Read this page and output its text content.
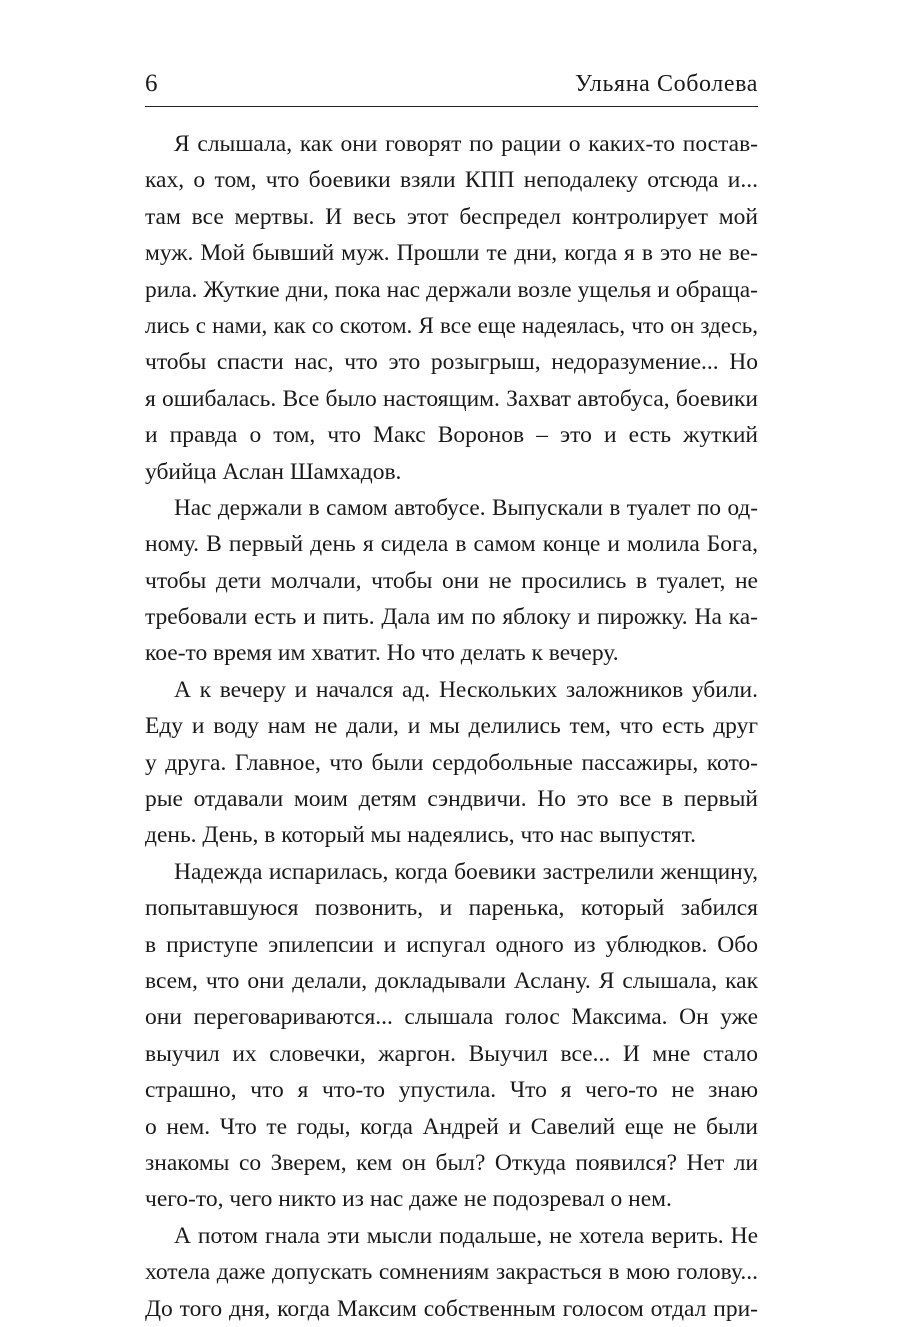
6	Ульяна Соболева
Я слышала, как они говорят по рации о каких-то постав-
ках, о том, что боевики взяли КПП неподалеку отсюда и...
там все мертвы. И весь этот беспредел контролирует мой
муж. Мой бывший муж. Прошли те дни, когда я в это не ве-
рила. Жуткие дни, пока нас держали возле ущелья и обраща-
лись с нами, как со скотом. Я все еще надеялась, что он здесь,
чтобы спасти нас, что это розыгрыш, недоразумение... Но
я ошибалась. Все было настоящим. Захват автобуса, боевики
и правда о том, что Макс Воронов – это и есть жуткий
убийца Аслан Шамхадов.
Нас держали в самом автобусе. Выпускали в туалет по од-
ному. В первый день я сидела в самом конце и молила Бога,
чтобы дети молчали, чтобы они не просились в туалет, не
требовали есть и пить. Дала им по яблоку и пирожку. На ка-
кое-то время им хватит. Но что делать к вечеру.
А к вечеру и начался ад. Нескольких заложников убили.
Еду и воду нам не дали, и мы делились тем, что есть друг
у друга. Главное, что были сердобольные пассажиры, кото-
рые отдавали моим детям сэндвичи. Но это все в первый
день. День, в который мы надеялись, что нас выпустят.
Надежда испарилась, когда боевики застрелили женщину,
попытавшуюся позвонить, и паренька, который забился
в приступе эпилепсии и испугал одного из ублюдков. Обо
всем, что они делали, докладывали Аслану. Я слышала, как
они переговариваются... слышала голос Максима. Он уже
выучил их словечки, жаргон. Выучил все... И мне стало
страшно, что я что-то упустила. Что я чего-то не знаю
о нем. Что те годы, когда Андрей и Савелий еще не были
знакомы со Зверем, кем он был? Откуда появился? Нет ли
чего-то, чего никто из нас даже не подозревал о нем.
А потом гнала эти мысли подальше, не хотела верить. Не
хотела даже допускать сомнениям закрасться в мою голову...
До того дня, когда Максим собственным голосом отдал при-
